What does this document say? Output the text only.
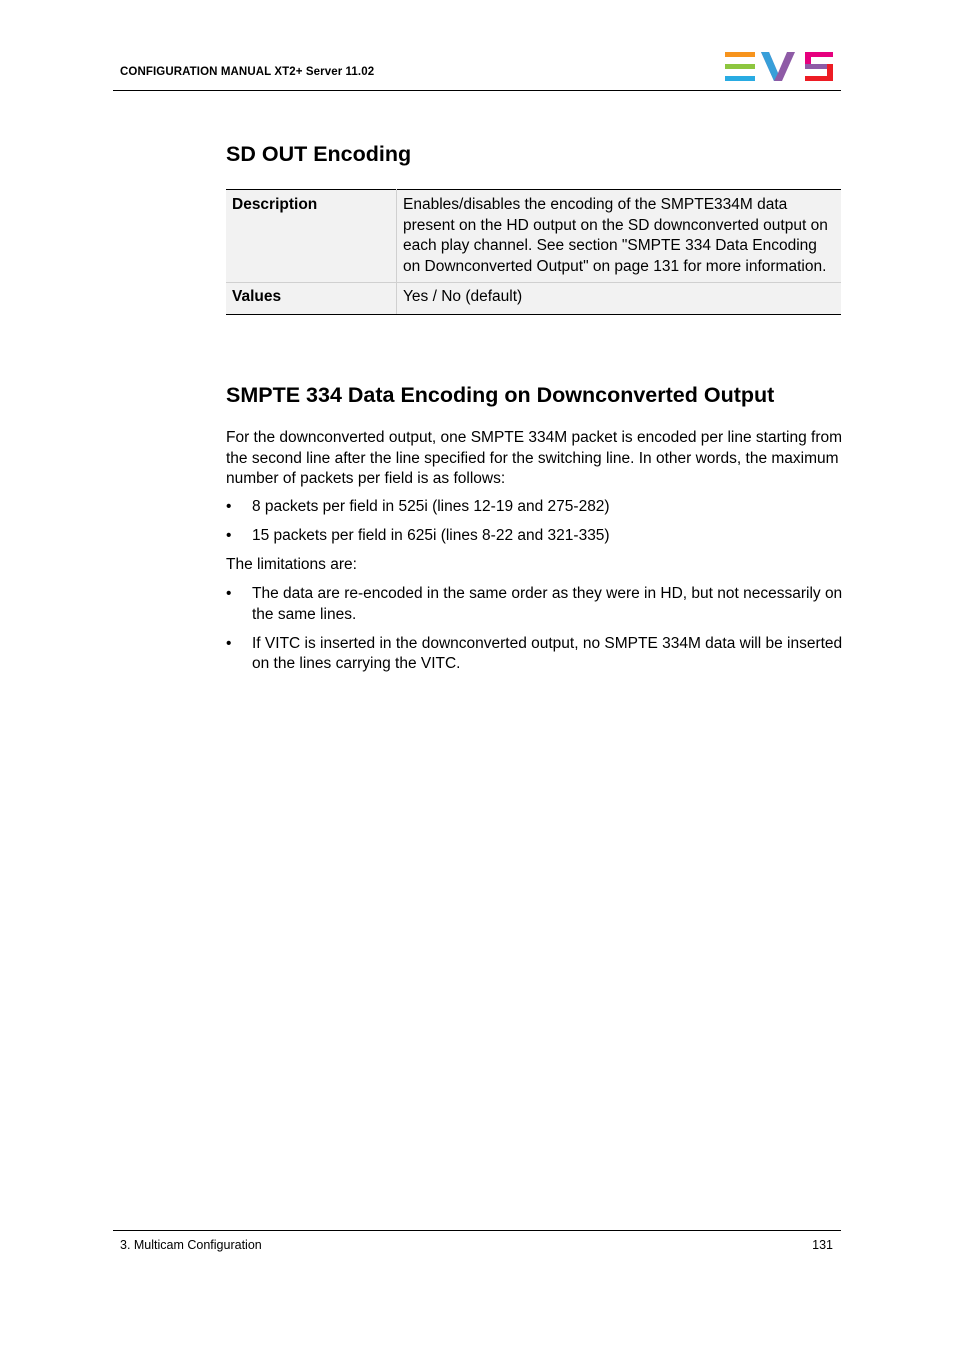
CONFIGURATION MANUAL XT2+ Server 11.02
SD OUT Encoding
Description	Enables/disables the encoding of the SMPTE334M data present on the HD output on the SD downconverted output on each play channel. See section "SMPTE 334 Data Encoding on Downconverted Output" on page 131 for more information.
Values	Yes / No (default)
SMPTE 334 Data Encoding on Downconverted Output

For the downconverted output, one SMPTE 334M packet is encoded per line starting from the second line after the line specified for the switching line. In other words, the maximum number of packets per field is as follows:

• 8 packets per field in 525i (lines 12-19 and 275-282)
• 15 packets per field in 625i (lines 8-22 and 321-335)

The limitations are:

• The data are re-encoded in the same order as they were in HD, but not necessarily on the same lines.
• If VITC is inserted in the downconverted output, no SMPTE 334M data will be inserted on the lines carrying the VITC.
3. Multicam Configuration	131
